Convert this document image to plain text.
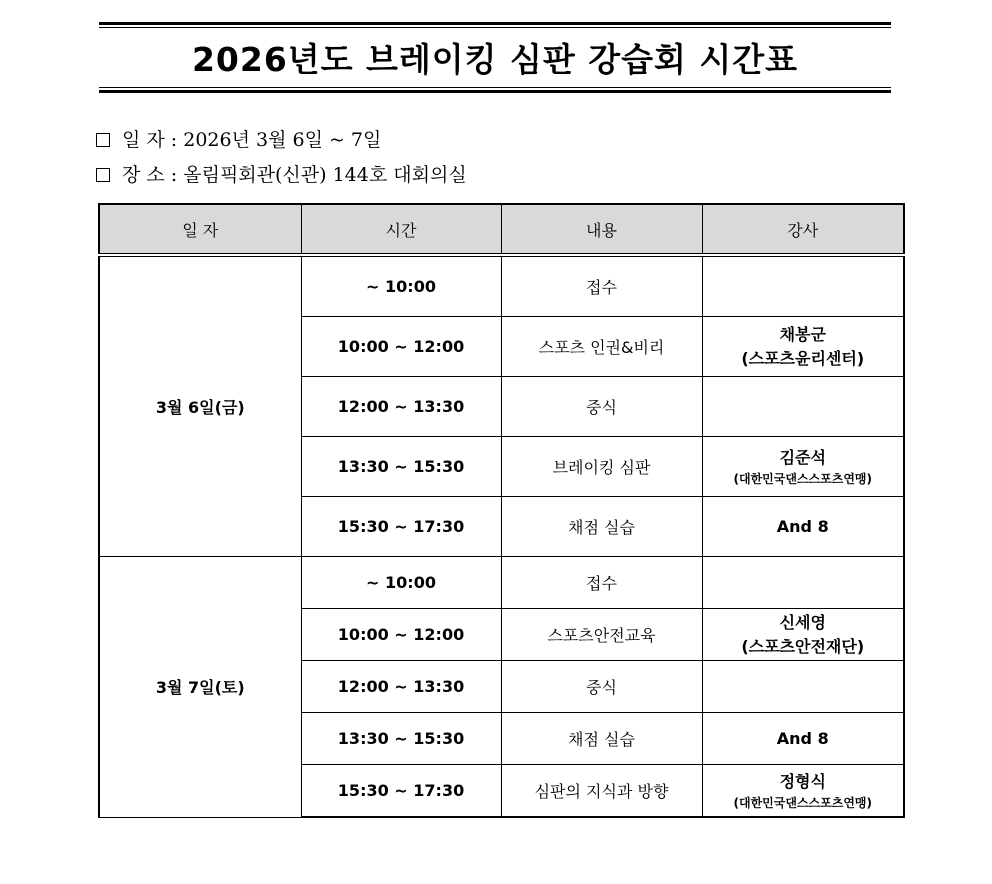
2026년도 브레이킹 심판 강습회 시간표
일 자 :
2026년 3월 6일 ~ 7일
장 소 :
올림픽회관(신관) 144호 대회의실
일 자	시간	내용	강사
3월 6일(금)	~ 10:00	접수	

	10:00 ~ 12:00	스포츠 인권&비리	채봉군
(스포츠윤리센터)

	12:00 ~ 13:30	중식	

	13:30 ~ 15:30	브레이킹 심판	김준석
(대한민국댄스스포츠연맹)

	15:30 ~ 17:30	채점 실습	And 8

3월 7일(토)	~ 10:00	접수	

	10:00 ~ 12:00	스포츠안전교육	신세영
(스포츠안전재단)

	12:00 ~ 13:30	중식	

	13:30 ~ 15:30	채점 실습	And 8

	15:30 ~ 17:30	심판의 지식과 방향	정형식
(대한민국댄스스포츠연맹)
